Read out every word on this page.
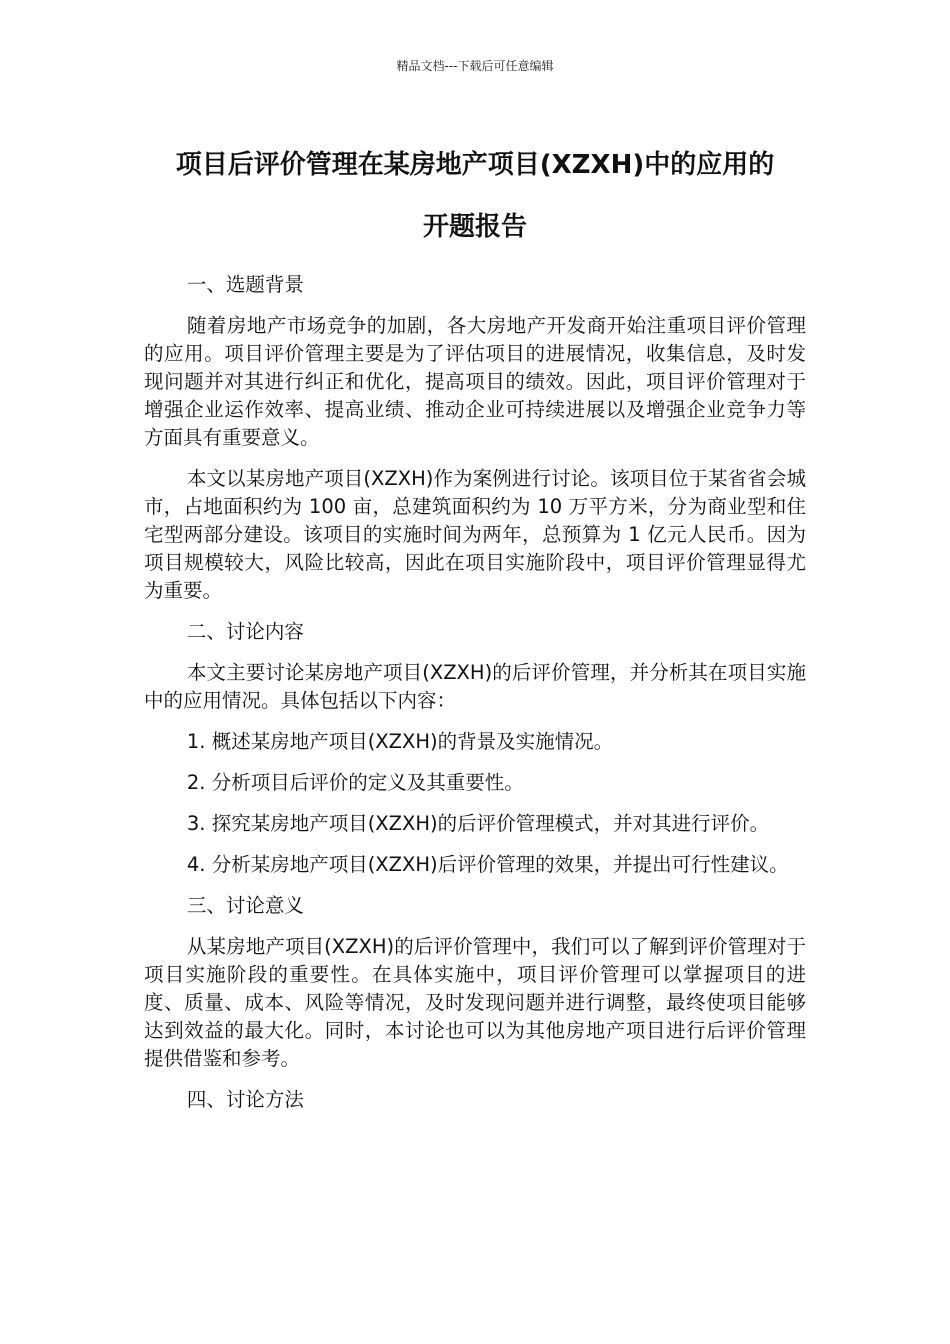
精品文档---下载后可任意编辑
项目后评价管理在某房地产项目(XZXH)中的应用的
开题报告

一、选题背景

随着房地产市场竞争的加剧，各大房地产开发商开始注重项目评价管理的应用。项目评价管理主要是为了评估项目的进展情况，收集信息，及时发现问题并对其进行纠正和优化，提高项目的绩效。因此，项目评价管理对于增强企业运作效率、提高业绩、推动企业可持续进展以及增强企业竞争力等方面具有重要意义。

本文以某房地产项目(XZXH)作为案例进行讨论。该项目位于某省省会城市，占地面积约为 100 亩，总建筑面积约为 10 万平方米，分为商业型和住宅型两部分建设。该项目的实施时间为两年，总预算为 1 亿元人民币。因为项目规模较大，风险比较高，因此在项目实施阶段中，项目评价管理显得尤为重要。

二、讨论内容

本文主要讨论某房地产项目(XZXH)的后评价管理，并分析其在项目实施中的应用情况。具体包括以下内容：

1. 概述某房地产项目(XZXH)的背景及实施情况。

2. 分析项目后评价的定义及其重要性。

3. 探究某房地产项目(XZXH)的后评价管理模式，并对其进行评价。

4. 分析某房地产项目(XZXH)后评价管理的效果，并提出可行性建议。

三、讨论意义

从某房地产项目(XZXH)的后评价管理中，我们可以了解到评价管理对于项目实施阶段的重要性。在具体实施中，项目评价管理可以掌握项目的进度、质量、成本、风险等情况，及时发现问题并进行调整，最终使项目能够达到效益的最大化。同时，本讨论也可以为其他房地产项目进行后评价管理提供借鉴和参考。

四、讨论方法
